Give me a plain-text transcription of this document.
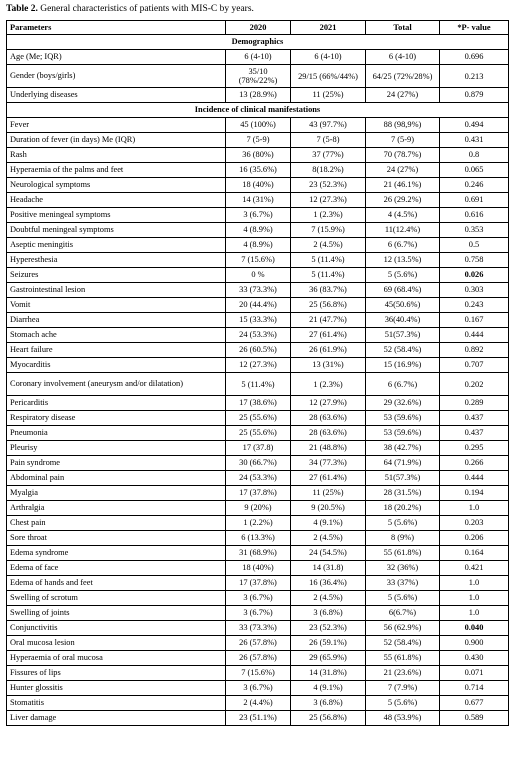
Table 2. General characteristics of patients with MIS-C by years.
Parameters	2020	2021	Total	*P- value
Demographics				
Age (Me; IQR)	6 (4-10)	6 (4-10)	6 (4-10)	0.696
Gender (boys/girls)	35/10 (78%/22%)	29/15 (66%/44%)	64/25 (72%/28%)	0.213
Underlying diseases	13 (28.9%)	11 (25%)	24 (27%)	0.879
Incidence of clinical manifestations				
Fever	45 (100%)	43 (97.7%)	88 (98,9%)	0.494
Duration of fever (in days) Me (IQR)	7 (5-9)	7 (5-8)	7 (5-9)	0.431
Rash	36 (80%)	37 (77%)	70 (78.7%)	0.8
Hyperaemia of the palms and feet	16 (35.6%)	8(18.2%)	24 (27%)	0.065
Neurological symptoms	18 (40%)	23 (52.3%)	21 (46.1%)	0.246
Headache	14 (31%)	12 (27.3%)	26 (29.2%)	0.691
Positive meningeal symptoms	3 (6.7%)	1 (2.3%)	4 (4.5%)	0.616
Doubtful meningeal symptoms	4 (8.9%)	7 (15.9%)	11(12.4%)	0.353
Aseptic meningitis	4 (8.9%)	2 (4.5%)	6 (6.7%)	0.5
Hyperesthesia	7 (15.6%)	5 (11.4%)	12 (13.5%)	0.758
Seizures	0 %	5 (11.4%)	5 (5.6%)	0.026
Gastrointestinal lesion	33 (73.3%)	36 (83.7%)	69 (68.4%)	0.303
Vomit	20 (44.4%)	25 (56.8%)	45(50.6%)	0.243
Diarrhea	15 (33.3%)	21 (47.7%)	36(40.4%)	0.167
Stomach ache	24 (53.3%)	27 (61.4%)	51(57.3%)	0.444
Heart failure	26 (60.5%)	26 (61.9%)	52 (58.4%)	0.892
Myocarditis	12 (27.3%)	13 (31%)	15 (16.9%)	0.707
Coronary involvement (aneurysm and/or dilatation)	5 (11.4%)	1 (2.3%)	6 (6.7%)	0.202
Pericarditis	17 (38.6%)	12 (27.9%)	29 (32.6%)	0.289
Respiratory disease	25 (55.6%)	28 (63.6%)	53 (59.6%)	0.437
Pneumonia	25 (55.6%)	28 (63.6%)	53 (59.6%)	0.437
Pleurisy	17 (37.8)	21 (48.8%)	38 (42.7%)	0.295
Pain syndrome	30 (66.7%)	34 (77.3%)	64 (71.9%)	0.266
Abdominal pain	24 (53.3%)	27 (61.4%)	51(57.3%)	0.444
Myalgia	17 (37.8%)	11 (25%)	28 (31.5%)	0.194
Arthralgia	9 (20%)	9 (20.5%)	18 (20.2%)	1.0
Chest pain	1 (2.2%)	4 (9.1%)	5 (5.6%)	0.203
Sore throat	6 (13.3%)	2 (4.5%)	8 (9%)	0.206
Edema syndrome	31 (68.9%)	24 (54.5%)	55 (61.8%)	0.164
Edema of face	18 (40%)	14 (31.8)	32 (36%)	0.421
Edema of hands and feet	17 (37.8%)	16 (36.4%)	33 (37%)	1.0
Swelling of scrotum	3 (6.7%)	2 (4.5%)	5 (5.6%)	1.0
Swelling of joints	3 (6.7%)	3 (6.8%)	6(6.7%)	1.0
Conjunctivitis	33 (73.3%)	23 (52.3%)	56 (62.9%)	0.040
Oral mucosa lesion	26 (57.8%)	26 (59.1%)	52 (58.4%)	0.900
Hyperaemia of oral mucosa	26 (57.8%)	29 (65.9%)	55 (61.8%)	0.430
Fissures of lips	7 (15.6%)	14 (31.8%)	21 (23.6%)	0.071
Hunter glossitis	3 (6.7%)	4 (9.1%)	7 (7.9%)	0.714
Stomatitis	2 (4.4%)	3 (6.8%)	5 (5.6%)	0.677
Liver damage	23 (51.1%)	25 (56.8%)	48 (53.9%)	0.589
